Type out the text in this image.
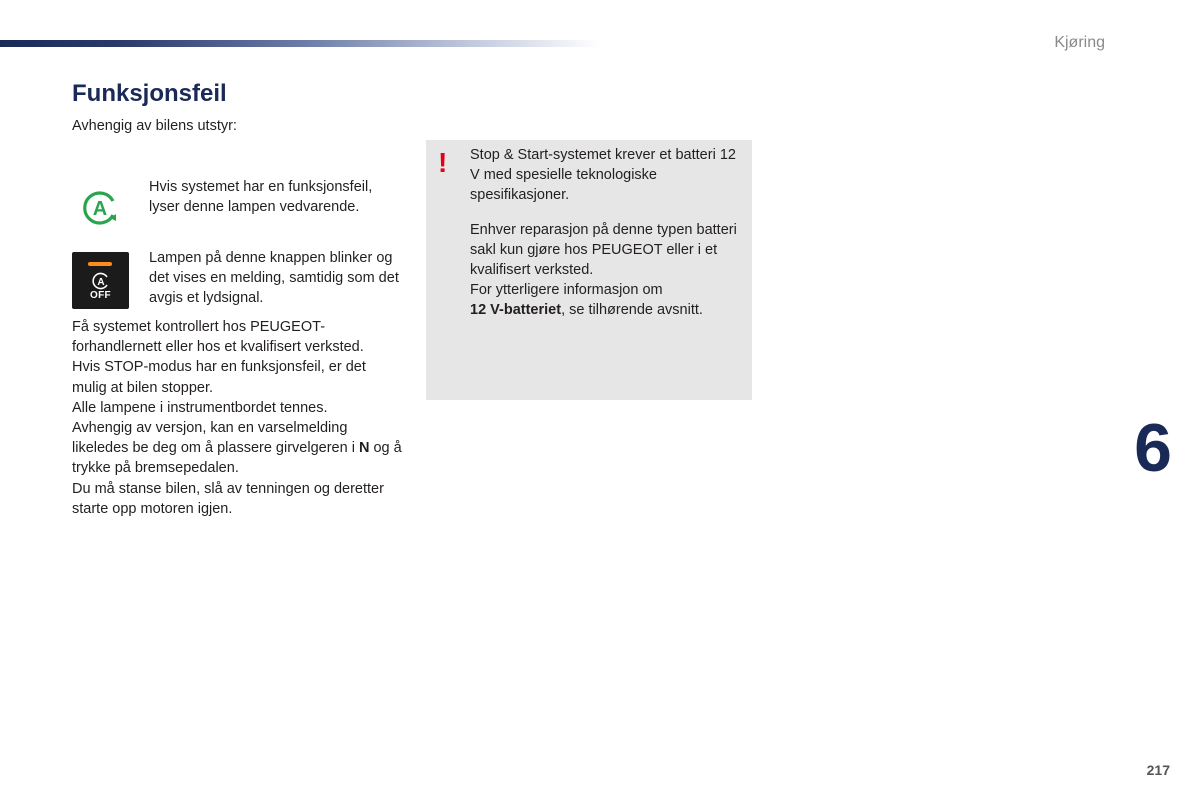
Kjøring
Funksjonsfeil

Avhengig av bilens utstyr:

A

Hvis systemet har en funksjonsfeil, lyser denne lampen vedvarende.

A
OFF

Lampen på denne knappen blinker og det vises en melding, samtidig som det avgis et lydsignal.

Få systemet kontrollert hos PEUGEOT-forhandlernett eller hos et kvalifisert verksted.

Hvis STOP-modus har en funksjonsfeil, er det mulig at bilen stopper.

Alle lampene i instrumentbordet tennes.

Avhengig av versjon, kan en varselmelding likeledes be deg om å plassere girvelgeren i N og å trykke på bremsepedalen.

Du må stanse bilen, slå av tenningen og deretter starte opp motoren igjen.

! Stop & Start-systemet krever et batteri 12 V med spesielle teknologiske spesifikasjoner.

Enhver reparasjon på denne typen batteri sakl kun gjøre hos PEUGEOT eller i et kvalifisert verksted.
For ytterligere informasjon om
12 V-batteriet, se tilhørende avsnitt.

6
217
